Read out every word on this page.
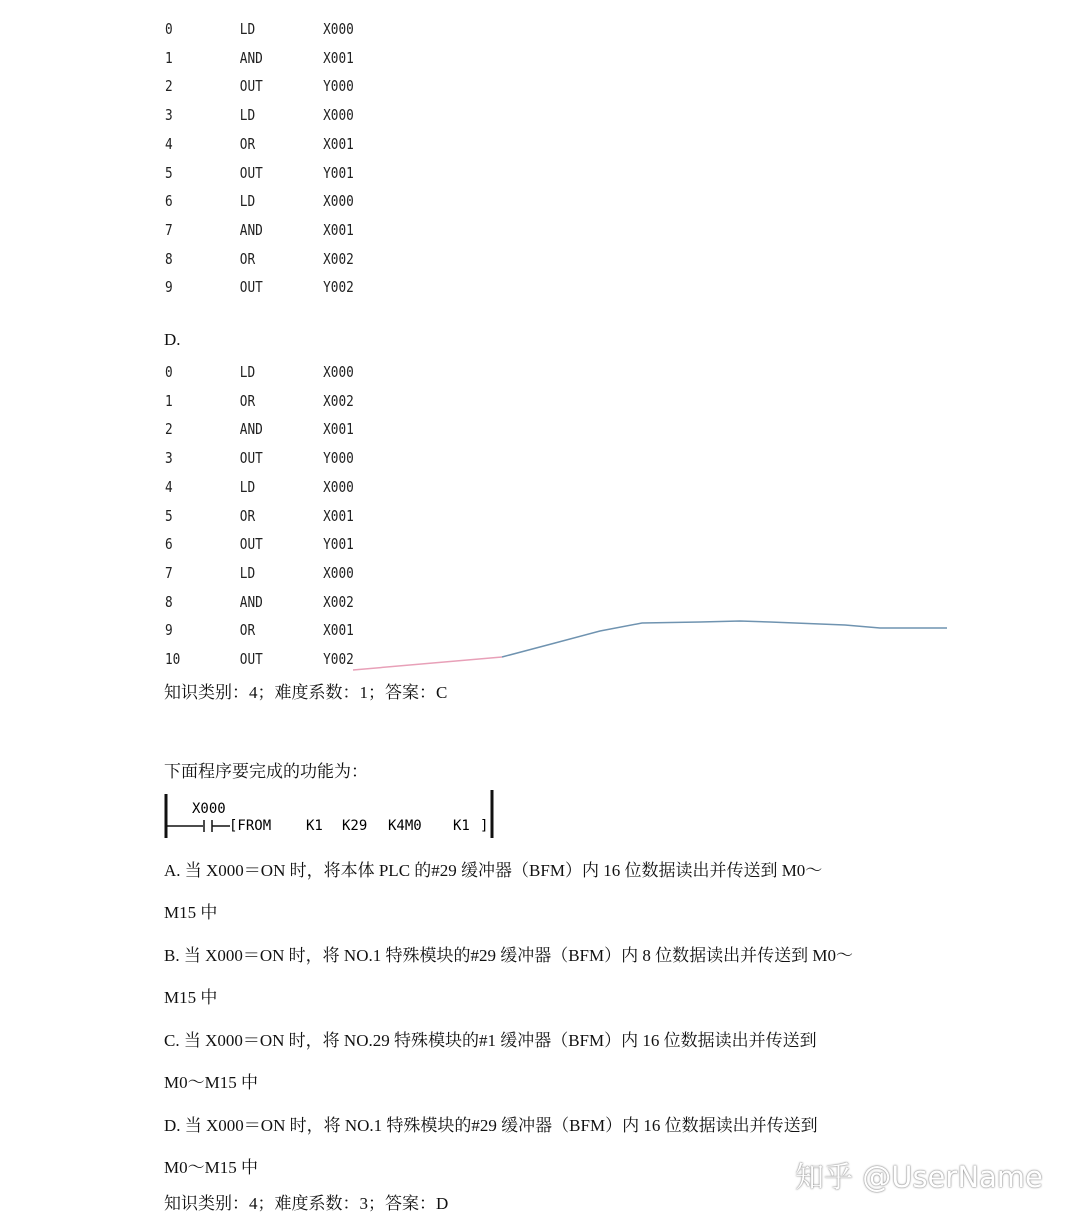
0	LD	X000
1	AND	X001
2	OUT	Y000
3	LD	X000
4	OR	X001
5	OUT	Y001
6	LD	X000
7	AND	X001
8	OR	X002
9	OUT	Y002
D.
0	LD	X000
1	OR	X002
2	AND	X001
3	OUT	Y000
4	LD	X000
5	OR	X001
6	OUT	Y001
7	LD	X000
8	AND	X002
9	OR	X001
10	OUT	Y002
知识类别：4；难度系数：1；答案：C
下面程序要完成的功能为：
X000
[FROM K1 K29 K4M0 K1 ]
A. 当 X000＝ON 时，将本体 PLC 的#29 缓冲器（BFM）内 16 位数据读出并传送到 M0～
M15 中
B. 当 X000＝ON 时，将 NO.1 特殊模块的#29 缓冲器（BFM）内 8 位数据读出并传送到 M0～
M15 中
C. 当 X000＝ON 时，将 NO.29 特殊模块的#1 缓冲器（BFM）内 16 位数据读出并传送到
M0～M15 中
D. 当 X000＝ON 时，将 NO.1 特殊模块的#29 缓冲器（BFM）内 16 位数据读出并传送到
M0～M15 中
知识类别：4；难度系数：3；答案：D
知乎 @UserName
